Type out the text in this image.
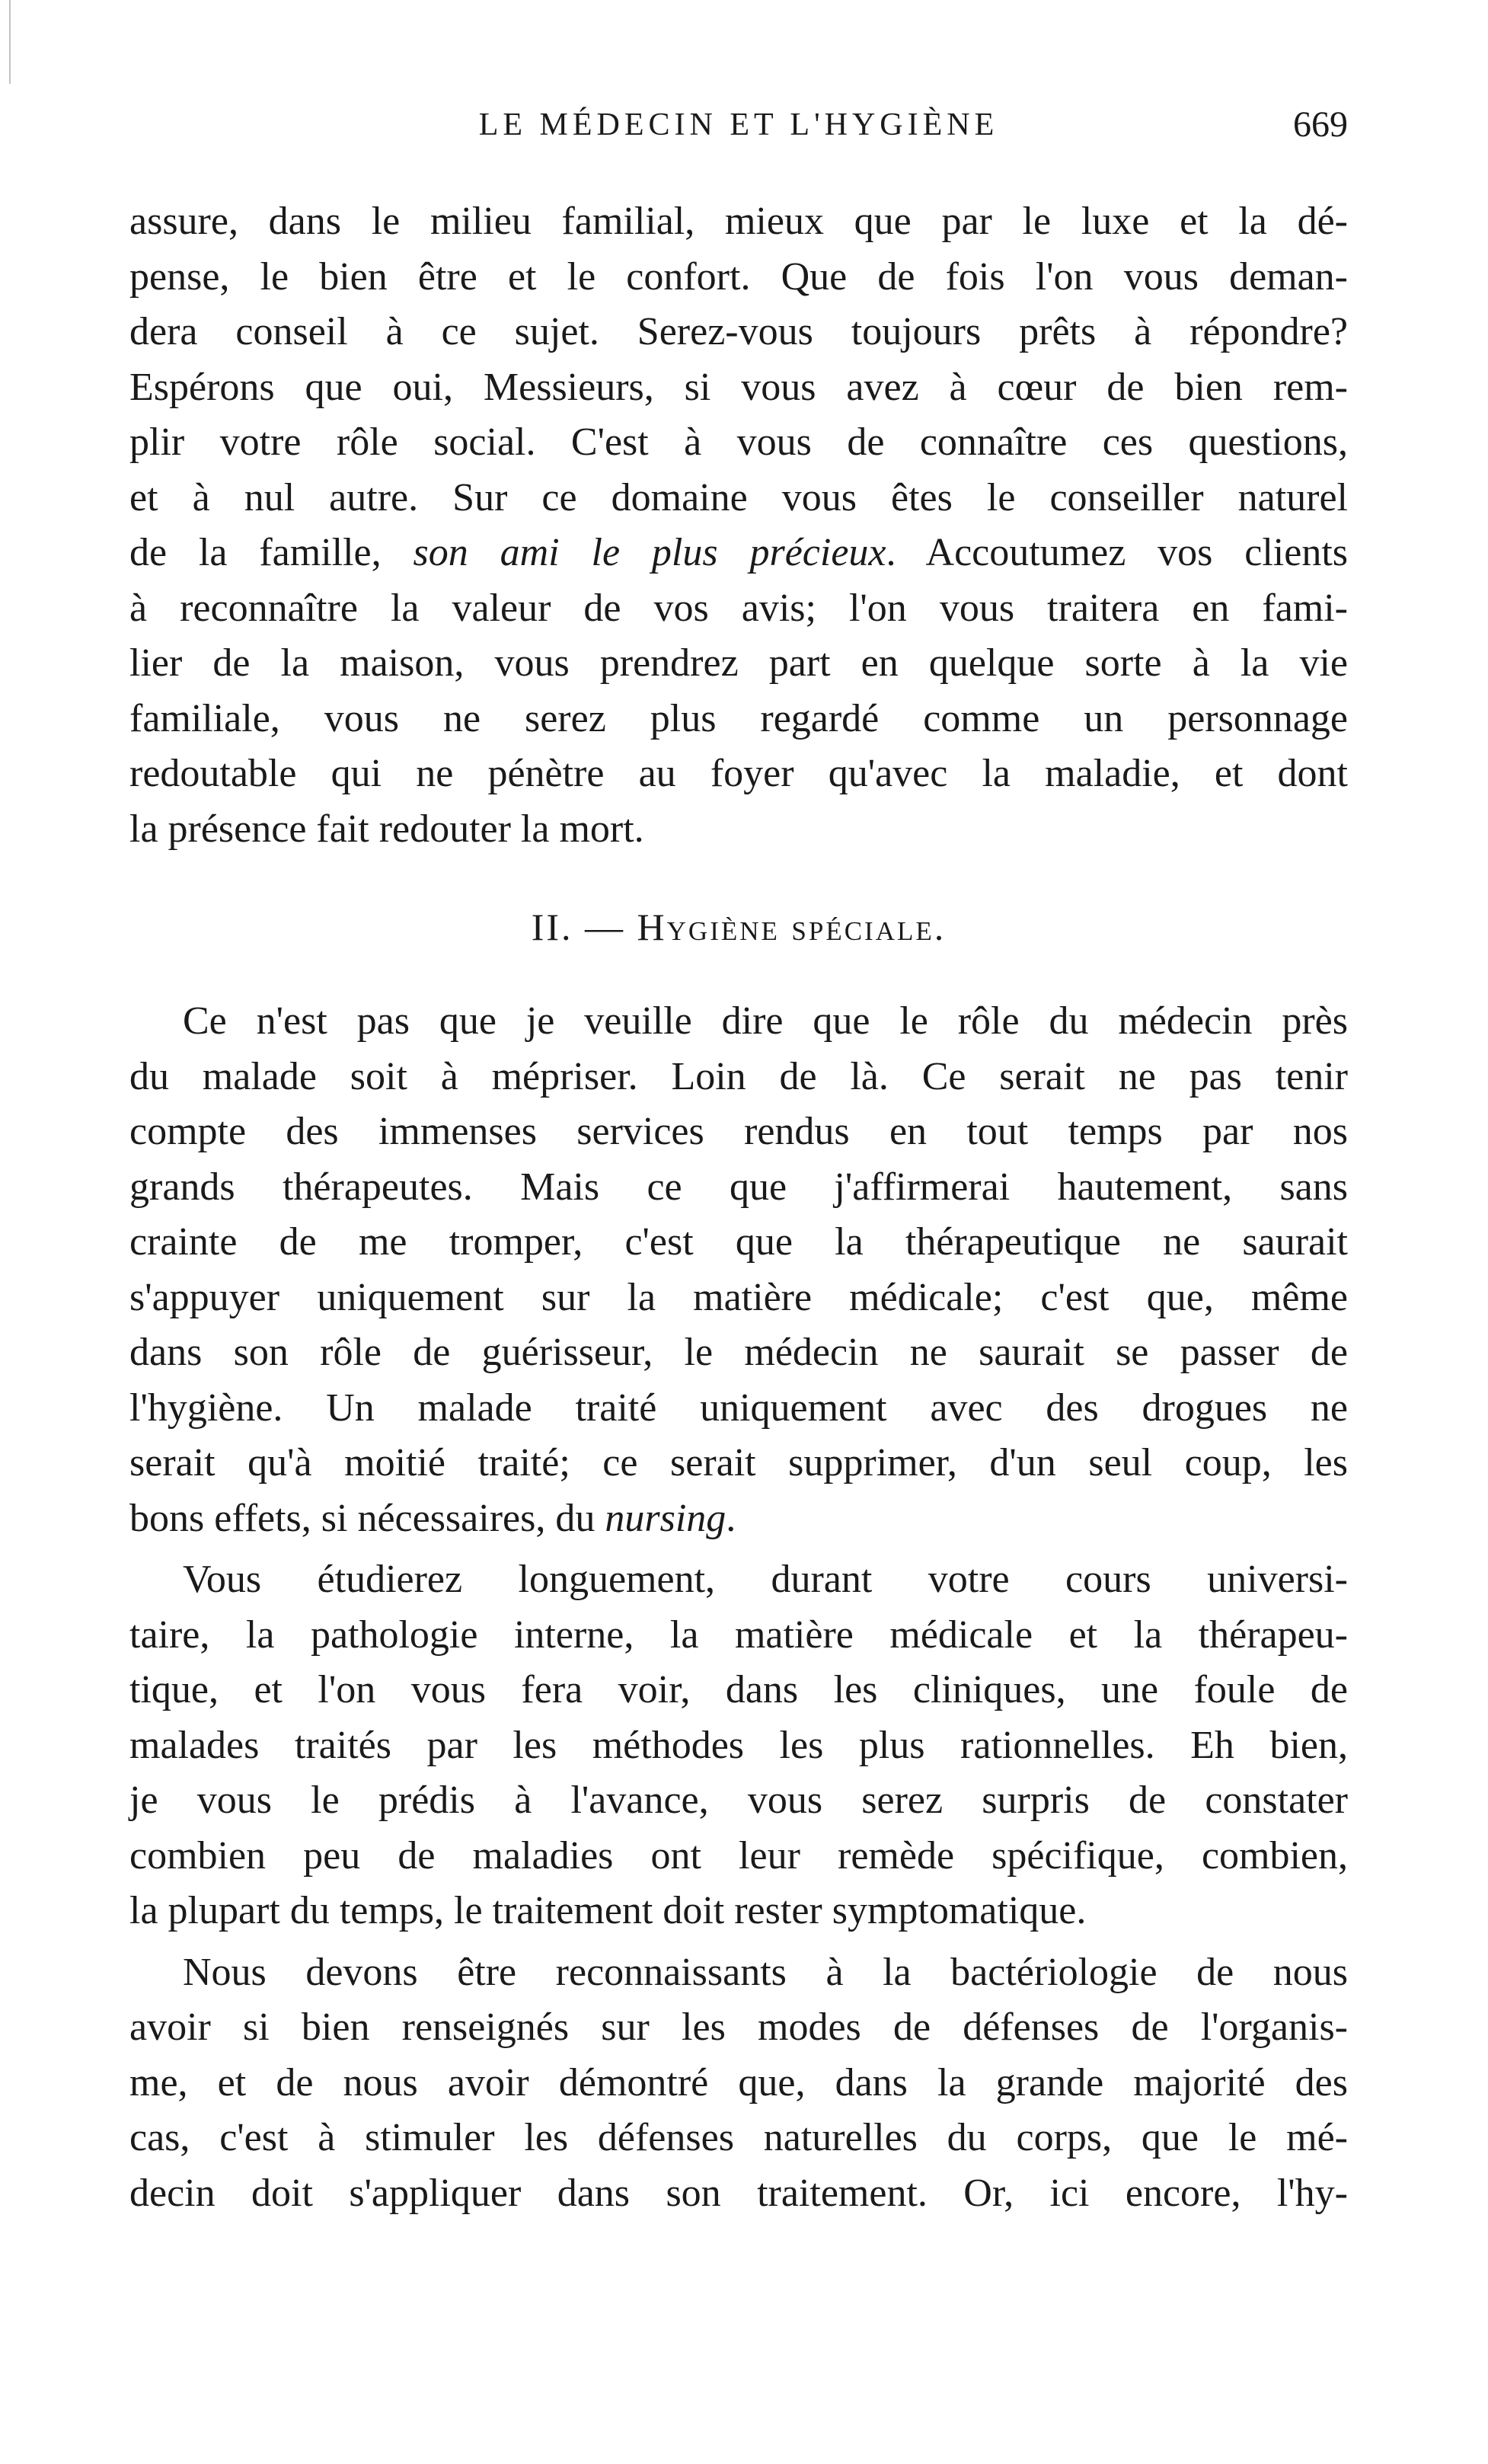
LE MÉDECIN ET L'HYGIÈNE	669
assure, dans le milieu familial, mieux que par le luxe et la dé-
pense, le bien être et le confort. Que de fois l'on vous deman-
dera conseil à ce sujet. Serez-vous toujours prêts à répondre?
Espérons que oui, Messieurs, si vous avez à cœur de bien rem-
plir votre rôle social. C'est à vous de connaître ces questions,
et à nul autre. Sur ce domaine vous êtes le conseiller naturel
de la famille, son ami le plus précieux. Accoutumez vos clients
à reconnaître la valeur de vos avis; l'on vous traitera en fami-
lier de la maison, vous prendrez part en quelque sorte à la vie
familiale, vous ne serez plus regardé comme un personnage
redoutable qui ne pénètre au foyer qu'avec la maladie, et dont
la présence fait redouter la mort.
II. — Hygiène spéciale.
Ce n'est pas que je veuille dire que le rôle du médecin près
du malade soit à mépriser. Loin de là. Ce serait ne pas tenir
compte des immenses services rendus en tout temps par nos
grands thérapeutes. Mais ce que j'affirmerai hautement, sans
crainte de me tromper, c'est que la thérapeutique ne saurait
s'appuyer uniquement sur la matière médicale; c'est que, même
dans son rôle de guérisseur, le médecin ne saurait se passer de
l'hygiène. Un malade traité uniquement avec des drogues ne
serait qu'à moitié traité; ce serait supprimer, d'un seul coup, les
bons effets, si nécessaires, du nursing.
Vous étudierez longuement, durant votre cours universi-
taire, la pathologie interne, la matière médicale et la thérapeu-
tique, et l'on vous fera voir, dans les cliniques, une foule de
malades traités par les méthodes les plus rationnelles. Eh bien,
je vous le prédis à l'avance, vous serez surpris de constater
combien peu de maladies ont leur remède spécifique, combien,
la plupart du temps, le traitement doit rester symptomatique.
Nous devons être reconnaissants à la bactériologie de nous
avoir si bien renseignés sur les modes de défenses de l'organis-
me, et de nous avoir démontré que, dans la grande majorité des
cas, c'est à stimuler les défenses naturelles du corps, que le mé-
decin doit s'appliquer dans son traitement. Or, ici encore, l'hy-
